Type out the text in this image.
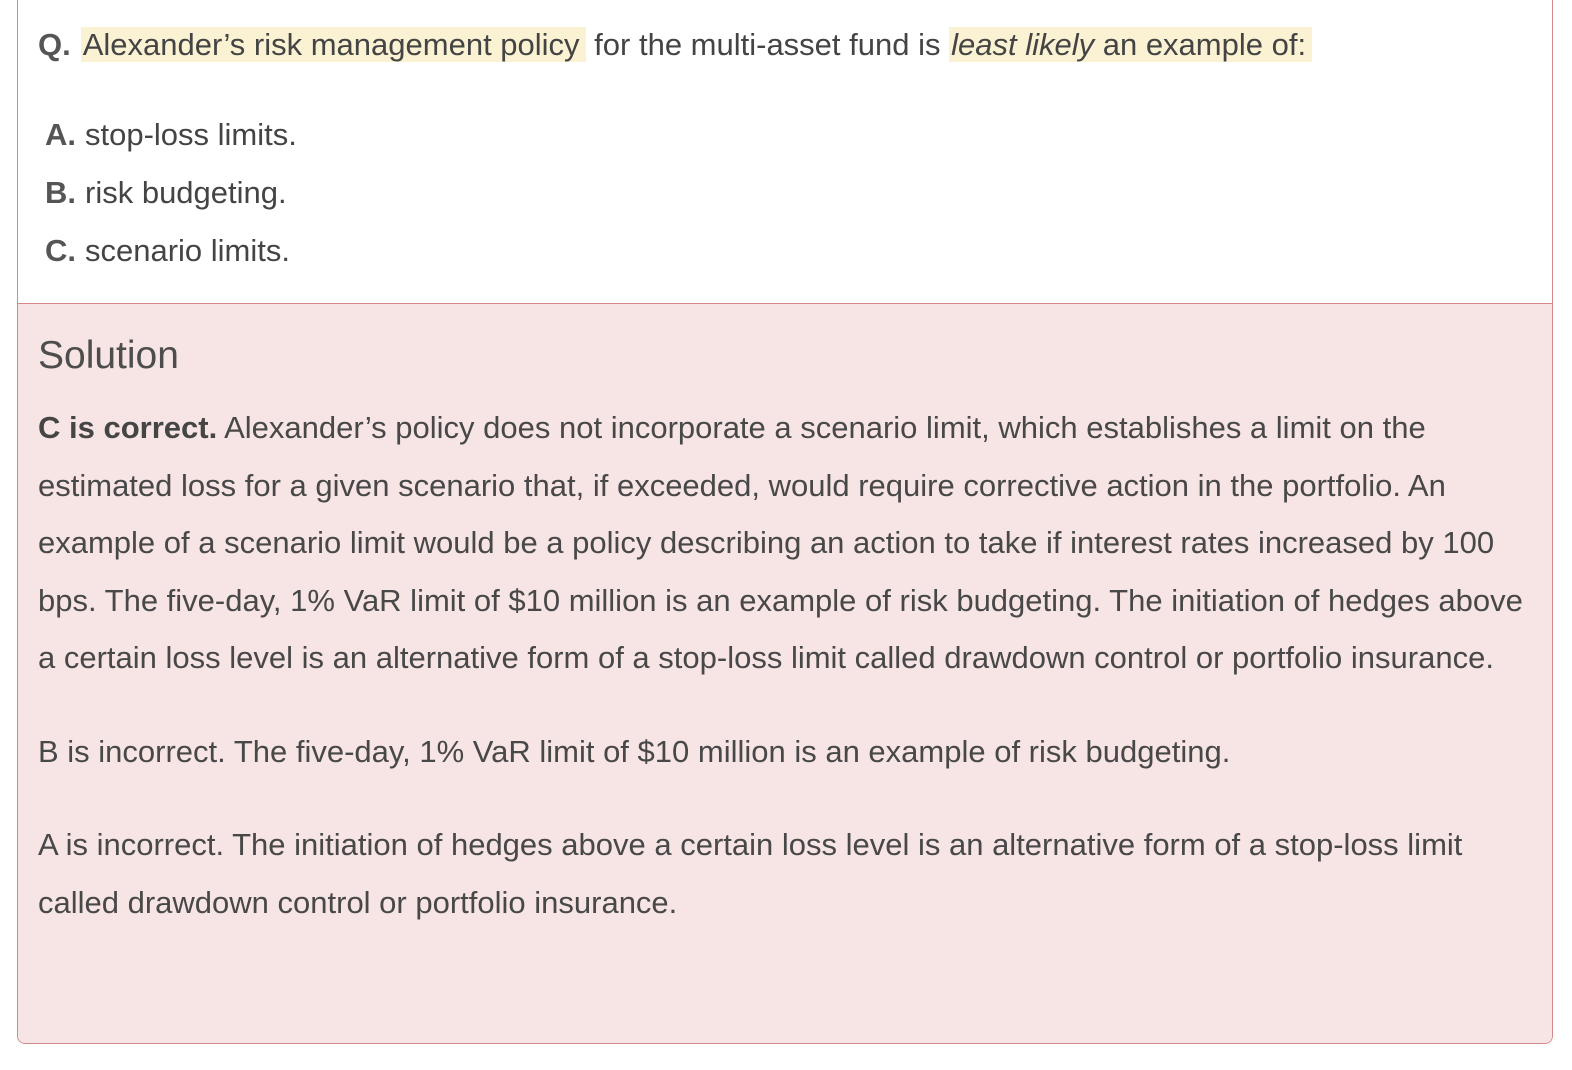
Q. Alexander’s risk management policy for the multi-asset fund is least likely an example of:
A. stop-loss limits.
B. risk budgeting.
C. scenario limits.
Solution

C is correct. Alexander’s policy does not incorporate a scenario limit, which establishes a limit on the estimated loss for a given scenario that, if exceeded, would require corrective action in the portfolio. An example of a scenario limit would be a policy describing an action to take if interest rates increased by 100 bps. The five-day, 1% VaR limit of $10 million is an example of risk budgeting. The initiation of hedges above a certain loss level is an alternative form of a stop-loss limit called drawdown control or portfolio insurance.

B is incorrect. The five-day, 1% VaR limit of $10 million is an example of risk budgeting.

A is incorrect. The initiation of hedges above a certain loss level is an alternative form of a stop-loss limit called drawdown control or portfolio insurance.
